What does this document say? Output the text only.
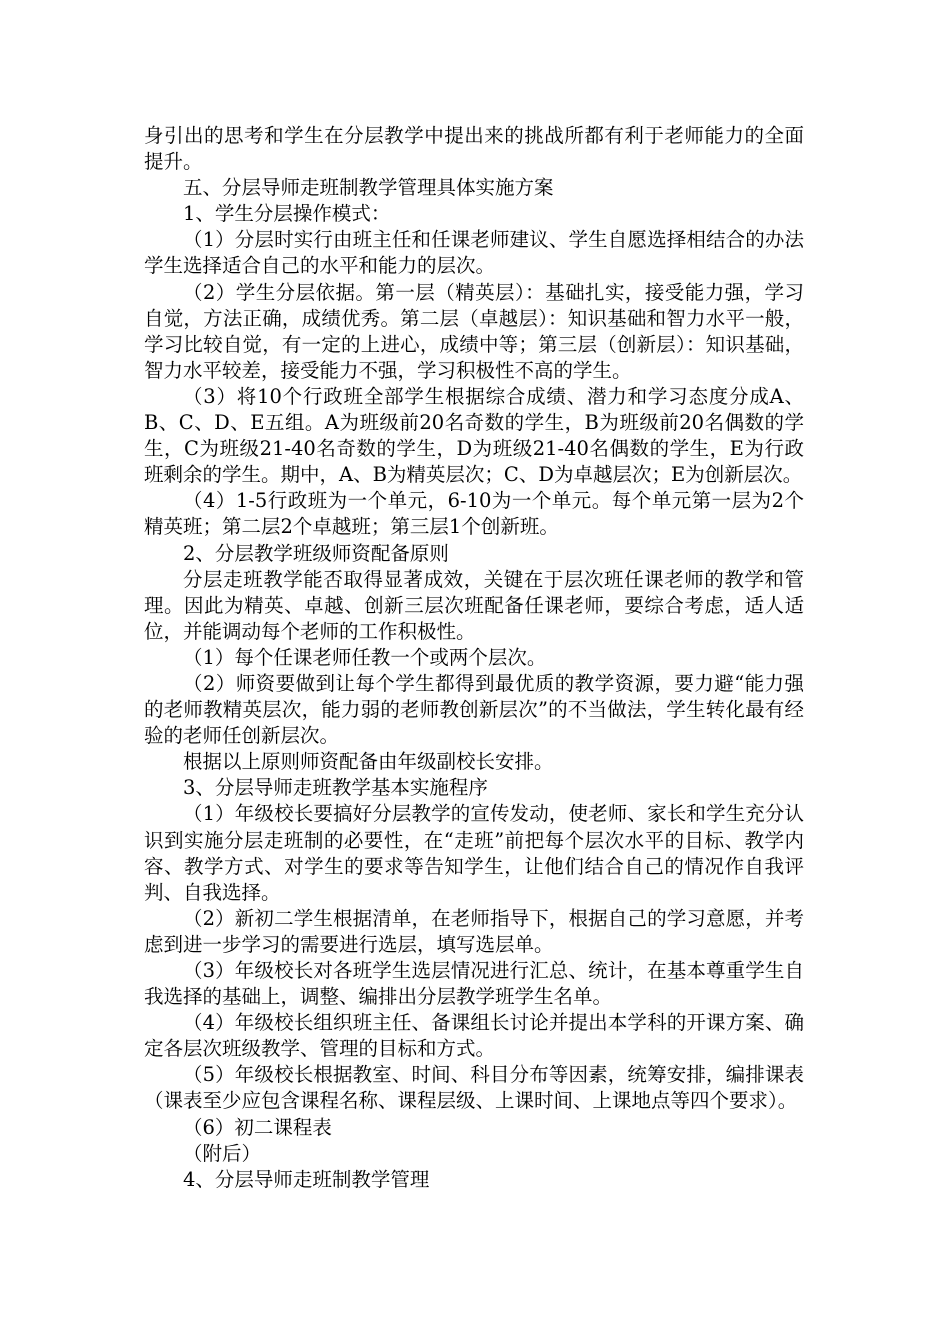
身引出的思考和学生在分层教学中提出来的挑战所都有利于老师能力的全面提升。

五、分层导师走班制教学管理具体实施方案

1、学生分层操作模式：

（1）分层时实行由班主任和任课老师建议、学生自愿选择相结合的办法学生选择适合自己的水平和能力的层次。

（2）学生分层依据。第一层（精英层）：基础扎实，接受能力强，学习自觉，方法正确，成绩优秀。第二层（卓越层）：知识基础和智力水平一般，学习比较自觉，有一定的上进心，成绩中等；第三层（创新层）：知识基础，智力水平较差，接受能力不强，学习积极性不高的学生。

（3）将10个行政班全部学生根据综合成绩、潜力和学习态度分成A、B、C、D、E五组。A为班级前20名奇数的学生，B为班级前20名偶数的学生，C为班级21-40名奇数的学生，D为班级21-40名偶数的学生，E为行政班剩余的学生。期中，A、B为精英层次；C、D为卓越层次；E为创新层次。

（4）1-5行政班为一个单元，6-10为一个单元。每个单元第一层为2个精英班；第二层2个卓越班；第三层1个创新班。

2、分层教学班级师资配备原则

分层走班教学能否取得显著成效，关键在于层次班任课老师的教学和管理。因此为精英、卓越、创新三层次班配备任课老师，要综合考虑，适人适位，并能调动每个老师的工作积极性。

（1）每个任课老师任教一个或两个层次。

（2）师资要做到让每个学生都得到最优质的教学资源，要力避“能力强的老师教精英层次，能力弱的老师教创新层次”的不当做法，学生转化最有经验的老师任创新层次。

根据以上原则师资配备由年级副校长安排。

3、分层导师走班教学基本实施程序

（1）年级校长要搞好分层教学的宣传发动，使老师、家长和学生充分认识到实施分层走班制的必要性，在“走班”前把每个层次水平的目标、教学内容、教学方式、对学生的要求等告知学生，让他们结合自己的情况作自我评判、自我选择。

（2）新初二学生根据清单，在老师指导下，根据自己的学习意愿，并考虑到进一步学习的需要进行选层，填写选层单。

（3）年级校长对各班学生选层情况进行汇总、统计，在基本尊重学生自我选择的基础上，调整、编排出分层教学班学生名单。

（4）年级校长组织班主任、备课组长讨论并提出本学科的开课方案、确定各层次班级教学、管理的目标和方式。

（5）年级校长根据教室、时间、科目分布等因素，统筹安排，编排课表（课表至少应包含课程名称、课程层级、上课时间、上课地点等四个要求）。

（6）初二课程表

（附后）

4、分层导师走班制教学管理
